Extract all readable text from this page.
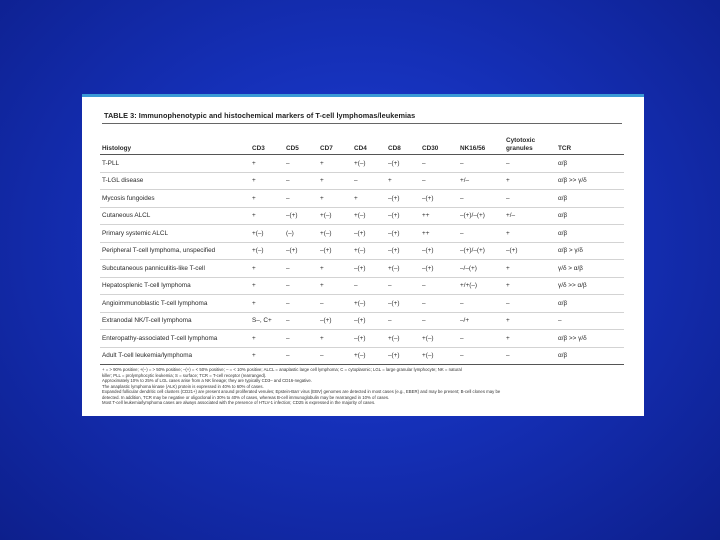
TABLE 3: Immunophenotypic and histochemical markers of T-cell lymphomas/leukemias
Histology	CD3	CD5	CD7	CD4	CD8	CD30	NK16/56	Cytotoxic granules	TCR
T-PLL	+	–	+	+(–)	–(+)	–	–	–	α/β
T-LGL disease	+	–	+	–	+	–	+/–	+	α/β >> γ/δ
Mycosis fungoides	+	–	+	+	–(+)	–(+)	–	–	α/β
Cutaneous ALCL	+	–(+)	+(–)	+(–)	–(+)	++	–(+)/–(+)	+/–	α/β
Primary systemic ALCL	+(–)	(–)	+(–)	–(+)	–(+)	++	–	+	α/β
Peripheral T-cell lymphoma, unspecified	+(–)	–(+)	–(+)	+(–)	–(+)	–(+)	–(+)/–(+)	–(+)	α/β > γ/δ
Subcutaneous panniculitis-like T-cell	+	–	+	–(+)	+(–)	–(+)	–/–(+)	+	γ/δ > α/β
Hepatosplenic T-cell lymphoma	+	–	+	–	–	–	+/+(–)	+	γ/δ >> α/β
Angioimmunoblastic T-cell lymphoma	+	–	–	+(–)	–(+)	–	–	–	α/β
Extranodal NK/T-cell lymphoma	S–, C+	–	–(+)	–(+)	–	–	–/+	+	–
Enteropathy-associated T-cell lymphoma	+	–	+	–(+)	+(–)	+(–)	–	+	α/β >> γ/δ
Adult T-cell leukemia/lymphoma	+	–	–	+(–)	–(+)	+(–)	–	–	α/β

+ = > 90% positive; +(–) = > 50% positive; –(+) = < 50% positive; – = < 10% positive; ALCL = anaplastic large cell lymphoma; C = cytoplasmic; LGL = large granular lymphocyte; NK = natural

killer; PLL = prolymphocytic leukemia; S = surface; TCR = T-cell receptor (rearranged).

Approximately 10% to 25% of LGL cases arise from a NK lineage; they are typically CD3– and CD16-negative.

The anaplastic lymphoma kinase (ALK) protein is expressed in 40% to 60% of cases.

Expanded follicular dendritic cell clusters (CD21+) are present around proliferated venules; Epstein-Barr virus (EBV) genomes are detected in most cases (e.g., EBER) and may be present; B-cell clones may be

detected. In addition, TCR may be negative or oligoclonal in 30% to 40% of cases, whereas B-cell immunoglobulin may be rearranged in 10% of cases.

Most T-cell leukemia/lymphoma cases are always associated with the presence of HTLV-1 infection; CD25 is expressed in the majority of cases.
